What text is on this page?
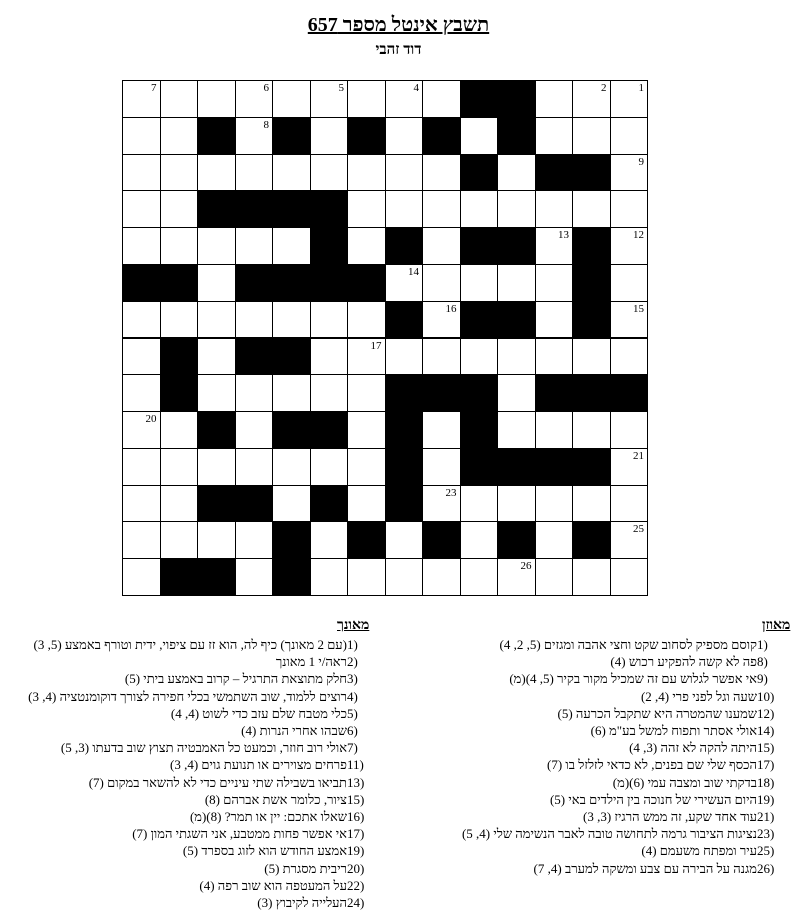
תשבץ אינטל מספר 657
דוד זהבי
1
2
3
4
5
6
7
8
9
10
11
12
13
14
15
16
17
18
19
20
21
22
23
24
25
26
מאוזן
1)
קוסם מספיק לסחוב שקט וחצי אהבה ומגזים (5, 2, 4)
8)
פה לא קשה להפקיע רכוש (4)
9)
אי אפשר לגלוש עם זה שמכיל מקור בקיר (5, 4)(מ)
10)
שעה וגל לפני פרי (4, 2)
12)
שמענו שהמטרה היא שתקבל הכרעה (5)
14)
אולי אסתר ותפוח למשל בע"מ (6)
15)
היתה להקה לא זהה (3, 4)
17)
הכסף שלי שם בפנים, לא כדאי לזלזל בו (7)
18)
בדקתי שוב ומצבה עמי (6)(מ)
19)
היום העשירי של חנוכה בין הילדים באי (5)
21)
עוד אחד שקע, זה ממש הרגיז (3, 3)
23)
נציגות הציבור גרמה לתחושה טובה לאבר הנשימה שלי (4, 5)
25)
עיר ומפתח משעמם (4)
26)
מגנה על הבירה עם צבע ומשקה למערב (4, 7)
מאונך
1)
(עם 2 מאונך) כיף לה, הוא זז עם ציפוי, ידית וטורף באמצע (5, 3)
2)
ראה/י 1 מאונך
3)
חלק מתוצאת התרגיל – קרוב באמצע ביתי (5)
4)
רוצים ללמוד, שוב השתמשי בכלי חפירה לצורך דוקומנטציה (4, 3)
5)
כלי מטבח שלם עזב כדי לשוט (4, 4)
6)
שבהו אחרי הנרות (4)
7)
אולי רוב חוזר, וכמעט כל האמבטיה תצוץ שוב בדעתו (3, 5)
11)
פרחים מצוירים או תנועת גוים (4, 3)
13)
תביאו בשבילה שתי עיניים כדי לא להשאר במקום (7)
15)
ציור, כלומר אשת אברהם (8)
16)
שאלו אתכם: יין או תמר? (8)(מ)
17)
אי אפשר פחות ממטבע, אני השגתי המון (7)
19)
אמצע החודש הוא לזוג בספרד (5)
20)
ריבית מסגרת (5)
22)
על המעטפה הוא שוב רפה (4)
24)
העלייה לקיבוץ (3)
